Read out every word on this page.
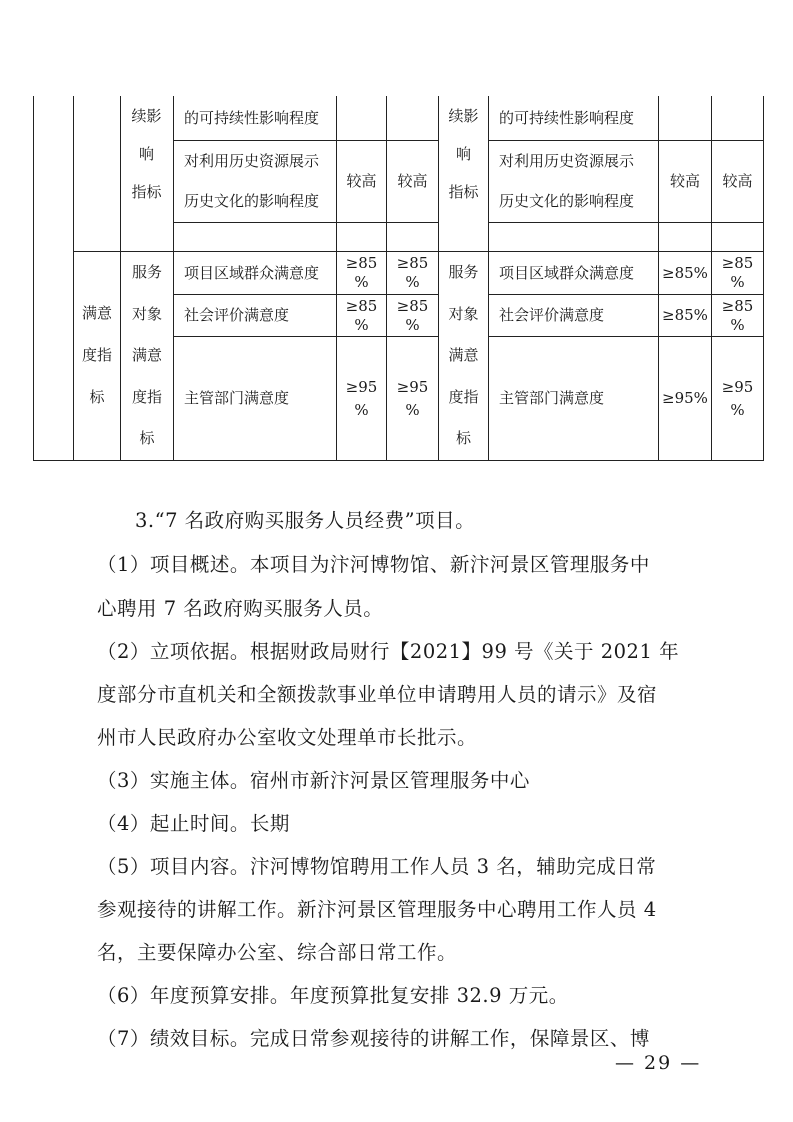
续影
响
指标
的可持续性影响程度
对利用历史资源展示
历史文化的影响程度
较高 较高
满意
度指
标
服务
对象
满意
度指
标
项目区域群众满意度
社会评价满意度
主管部门满意度
≥85
%
≥85
%
≥95
%
≥85
%
≥85
%
≥95
%
续影
响
指标
的可持续性影响程度
对利用历史资源展示
历史文化的影响程度
较高 较高
服务
对象
满意
度指
标
项目区域群众满意度
社会评价满意度
主管部门满意度
≥85%
≥85%
≥95%
≥85
%
≥85
%
≥95
%
3.“7 名政府购买服务人员经费”项目。
（1）项目概述。本项目为汴河博物馆、新汴河景区管理服务中
心聘用 7 名政府购买服务人员。
（2）立项依据。根据财政局财行【2021】99 号《关于 2021 年
度部分市直机关和全额拨款事业单位申请聘用人员的请示》及宿
州市人民政府办公室收文处理单市长批示。
（3）实施主体。宿州市新汴河景区管理服务中心
（4）起止时间。长期
（5）项目内容。汴河博物馆聘用工作人员 3 名，辅助完成日常
参观接待的讲解工作。新汴河景区管理服务中心聘用工作人员 4
名，主要保障办公室、综合部日常工作。
（6）年度预算安排。年度预算批复安排 32.9 万元。
（7）绩效目标。完成日常参观接待的讲解工作，保障景区、博
— 29 —
